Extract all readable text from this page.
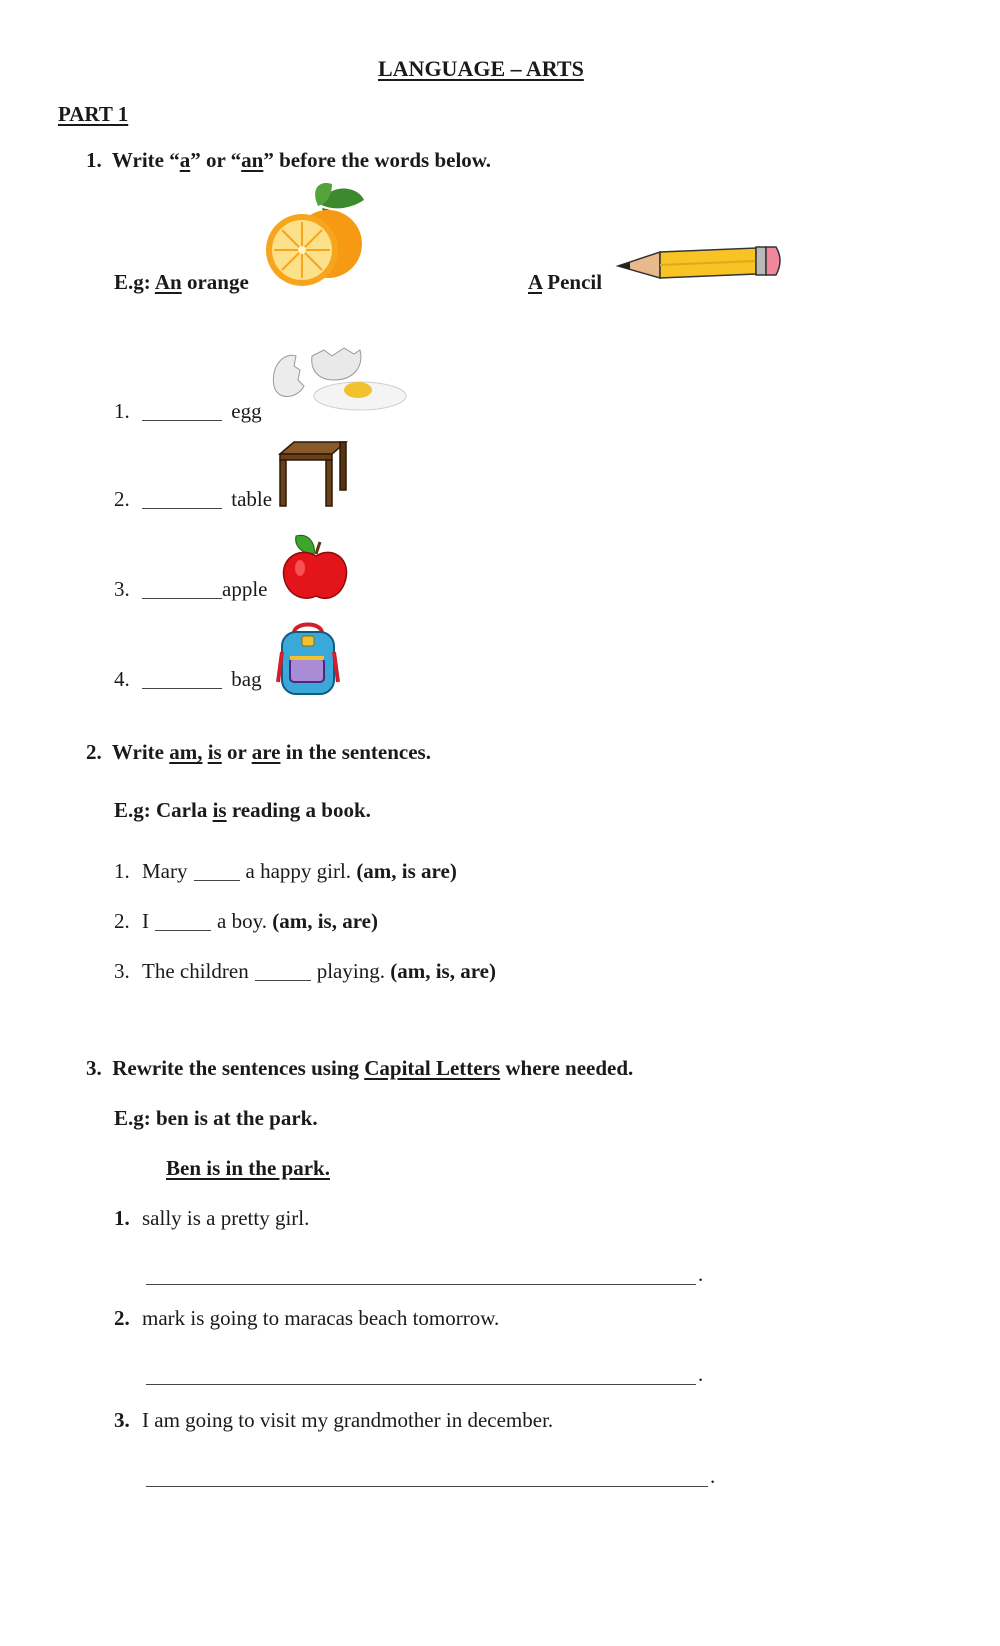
LANGUAGE – ARTS
PART 1
1. Write “a” or “an” before the words below.
E.g: An orange	A Pencil
1.	egg
2.	table
3.	apple
4.	bag
2. Write am, is or are in the sentences.
E.g: Carla is reading a book.
1. Mary	a happy girl. (am, is are)
2. I	a boy. (am, is, are)
3. The children	playing. (am, is, are)
3. Rewrite the sentences using Capital Letters where needed.
E.g: ben is at the park.
Ben is in the park.
1. sally is a pretty girl.
.
2. mark is going to maracas beach tomorrow.
.
3. I am going to visit my grandmother in december.
.
